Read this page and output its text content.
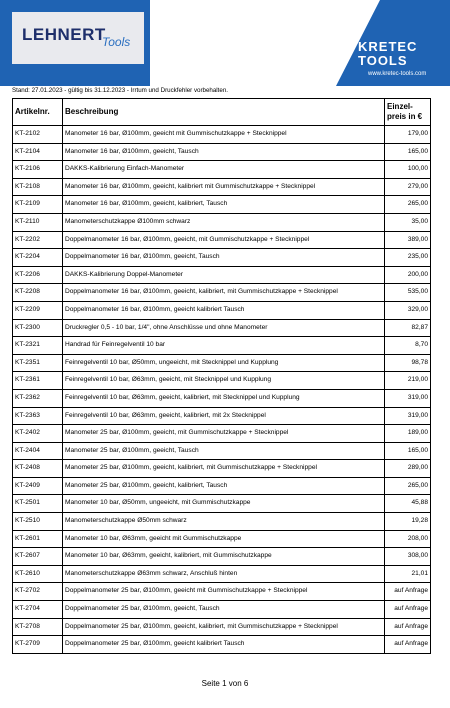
LEHNERT
Tools	KRETEC
TOOLS
www.kretec-tools.com
Stand: 27.01.2023 - gültig bis 31.12.2023 - Irrtum und Druckfehler vorbehalten.
Artikelnr.	Beschreibung	Einzel-
preis in €
KT-2102	Manometer 16 bar, Ø100mm, geeicht mit Gummischutzkappe + Stecknippel	179,00
KT-2104	Manometer 16 bar, Ø100mm, geeicht, Tausch	165,00
KT-2106	DAKKS-Kalibrierung Einfach-Manometer	100,00
KT-2108	Manometer 16 bar, Ø100mm, geeicht, kalibriert mit Gummischutzkappe + Stecknippel	279,00
KT-2109	Manometer 16 bar, Ø100mm, geeicht, kalibriert, Tausch	265,00
KT-2110	Manometerschutzkappe Ø100mm schwarz	35,00
KT-2202	Doppelmanometer 16 bar, Ø100mm, geeicht, mit Gummischutzkappe + Stecknippel	389,00
KT-2204	Doppelmanometer 16 bar, Ø100mm, geeicht, Tausch	235,00
KT-2206	DAKKS-Kalibrierung Doppel-Manometer	200,00
KT-2208	Doppelmanometer 16 bar, Ø100mm, geeicht, kalibriert, mit Gummischutzkappe + Stecknippel	535,00
KT-2209	Doppelmanometer 16 bar, Ø100mm, geeicht kalibriert Tausch	329,00
KT-2300	Druckregler 0,5 - 10 bar, 1/4", ohne Anschlüsse und ohne Manometer	82,87
KT-2321	Handrad für Feinregelventil 10 bar	8,70
KT-2351	Feinregelventil 10 bar, Ø50mm, ungeeicht, mit Stecknippel und Kupplung	98,78
KT-2361	Feinregelventil 10 bar, Ø63mm, geeicht, mit Stecknippel und Kupplung	219,00
KT-2362	Feinregelventil 10 bar, Ø63mm, geeicht, kalibriert, mit Stecknippel und Kupplung	319,00
KT-2363	Feinregelventil 10 bar, Ø63mm, geeicht, kalibriert, mit 2x Stecknippel	319,00
KT-2402	Manometer 25 bar, Ø100mm, geeicht, mit Gummischutzkappe + Stecknippel	189,00
KT-2404	Manometer 25 bar, Ø100mm, geeicht, Tausch	165,00
KT-2408	Manometer 25 bar, Ø100mm, geeicht, kalibriert, mit Gummischutzkappe + Stecknippel	289,00
KT-2409	Manometer 25 bar, Ø100mm, geeicht, kalibriert, Tausch	265,00
KT-2501	Manometer 10 bar, Ø50mm, ungeeicht, mit Gummischutzkappe	45,88
KT-2510	Manometerschutzkappe Ø50mm schwarz	19,28
KT-2601	Manometer 10 bar, Ø63mm, geeicht mit Gummischutzkappe	208,00
KT-2607	Manometer 10 bar, Ø63mm, geeicht, kalibriert, mit Gummischutzkappe	308,00
KT-2610	Manometerschutzkappe Ø63mm schwarz, Anschluß hinten	21,01
KT-2702	Doppelmanometer 25 bar, Ø100mm, geeicht mit Gummischutzkappe + Stecknippel	auf Anfrage
KT-2704	Doppelmanometer 25 bar, Ø100mm, geeicht, Tausch	auf Anfrage
KT-2708	Doppelmanometer 25 bar, Ø100mm, geeicht, kalibriert, mit Gummischutzkappe + Stecknippel	auf Anfrage
KT-2709	Doppelmanometer 25 bar, Ø100mm, geeicht kalibriert Tausch	auf Anfrage
Seite 1 von 6
